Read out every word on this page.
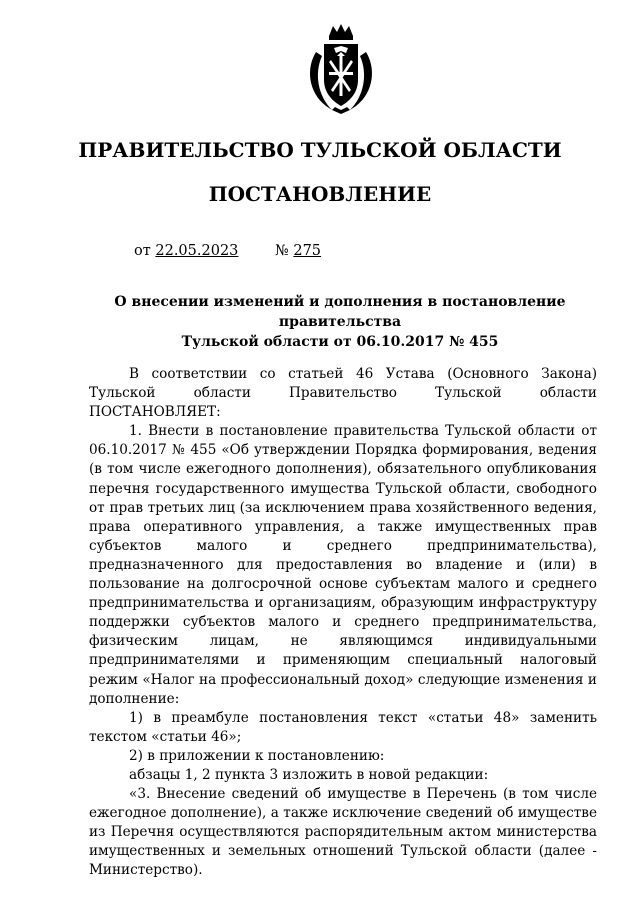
ПРАВИТЕЛЬСТВО ТУЛЬСКОЙ ОБЛАСТИ
ПОСТАНОВЛЕНИЕ
от 22.05.2023	№ 275
О внесении изменений и дополнения в постановление правительства
Тульской области от 06.10.2017 № 455

В соответствии со статьей 46 Устава (Основного Закона) Тульской области Правительство Тульской области ПОСТАНОВЛЯЕТ:

1. Внести в постановление правительства Тульской области от 06.10.2017 № 455 «Об утверждении Порядка формирования, ведения (в том числе ежегодного дополнения), обязательного опубликования перечня государственного имущества Тульской области, свободного от прав третьих лиц (за исключением права хозяйственного ведения, права оперативного управления, а также имущественных прав субъектов малого и среднего предпринимательства), предназначенного для предоставления во владение и (или) в пользование на долгосрочной основе субъектам малого и среднего предпринимательства и организациям, образующим инфраструктуру поддержки субъектов малого и среднего предпринимательства, физическим лицам, не являющимся индивидуальными предпринимателями и применяющим специальный налоговый режим «Налог на профессиональный доход» следующие изменения и дополнение:

1) в преамбуле постановления текст «статьи 48» заменить текстом «статьи 46»;

2) в приложении к постановлению:

абзацы 1, 2 пункта 3 изложить в новой редакции:

«3. Внесение сведений об имуществе в Перечень (в том числе ежегодное дополнение), а также исключение сведений об имуществе из Перечня осуществляются распорядительным актом министерства имущественных и земельных отношений Тульской области (далее - Министерство).
